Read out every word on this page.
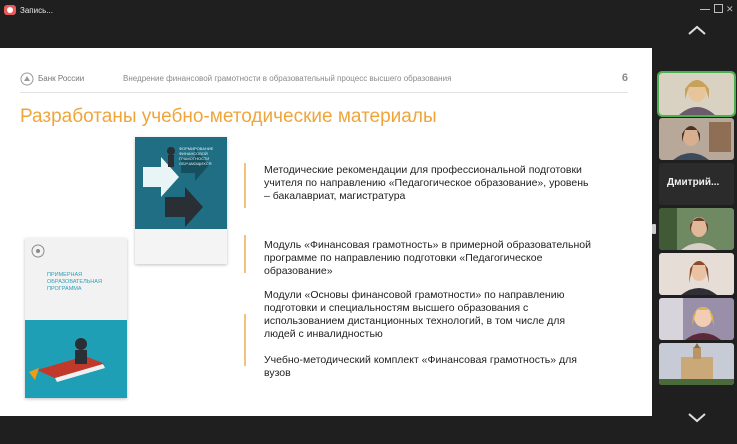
Запись...	✕
Банк России	Внедрение финансовой грамотности в образовательный процесс высшего образования	6
Разработаны учебно-методические материалы
ФОРМИРОВАНИЕ ФИНАНСОВОЙ ГРАМОТНОСТИ ОБУЧАЮЩИХСЯ
ПРИМЕРНАЯ ОБРАЗОВАТЕЛЬНАЯ ПРОГРАММА
Методические рекомендации для профессиональной подготовки учителя по направлению «Педагогическое образование», уровень – бакалавриат, магистратура
Модуль «Финансовая грамотность» в примерной образовательной программе по направлению подготовки «Педагогическое образование»
Модули «Основы финансовой грамотности» по направлению подготовки и специальностям высшего образования с использованием дистанционных технологий, в том числе для людей с инвалидностью
Учебно-методический комплект «Финансовая грамотность» для вузов
Дмитрий...
